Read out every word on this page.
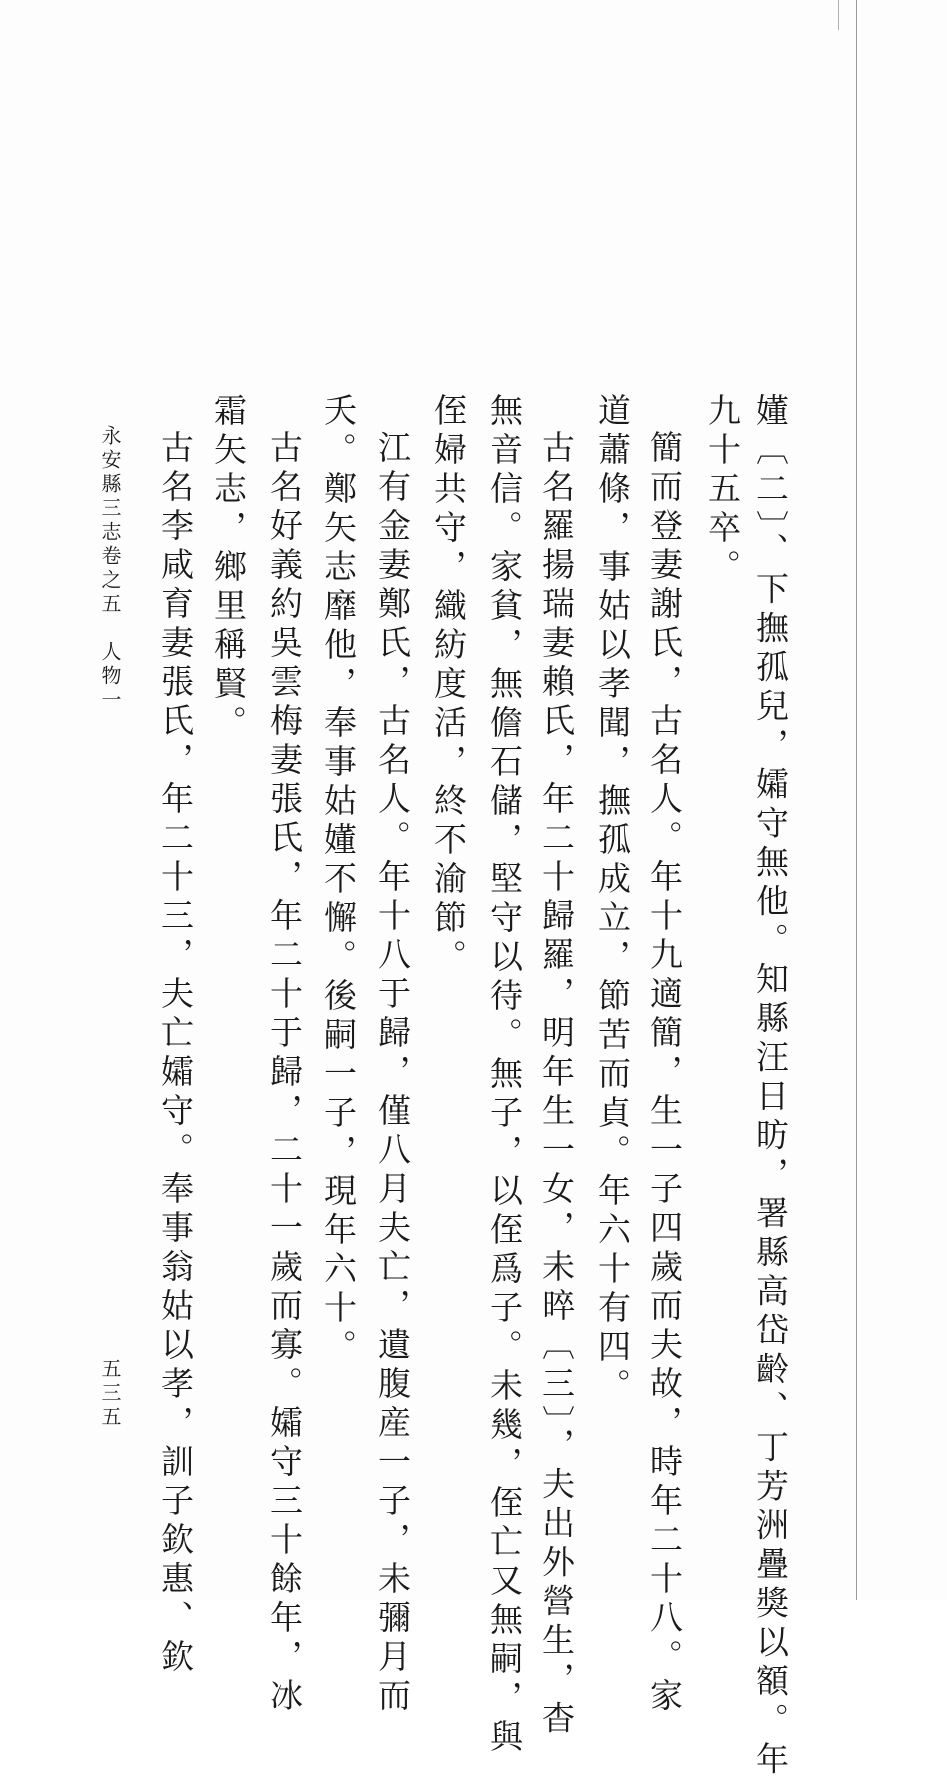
嬞〔二〕、下撫孤兒，孀守無他。知縣汪日昉，署縣高岱齡、丁芳洲疊獎以額。年
九十五卒。
簡而登妻謝氏，古名人。年十九適簡，生一子四歲而夫故，時年二十八。家
道蕭條，事姑以孝聞，撫孤成立，節苦而貞。年六十有四。
古名羅揚瑞妻賴氏，年二十歸羅，明年生一女，未晬〔三〕，夫出外營生，杳
無音信。家貧，無儋石儲，堅守以待。無子，以侄爲子。未幾，侄亡又無嗣，與
侄婦共守，織紡度活，終不渝節。
江有金妻鄭氏，古名人。年十八于歸，僅八月夫亡，遺腹産一子，未彌月而
夭。鄭矢志靡他，奉事姑嬞不懈。後嗣一子，現年六十。
古名好義約吳雲梅妻張氏，年二十于歸，二十一歲而寡。孀守三十餘年，冰
霜矢志，鄉里稱賢。
古名李咸育妻張氏，年二十三，夫亡孀守。奉事翁姑以孝，訓子欽惠、欽
永安縣三志卷之五　人物一
五三五
